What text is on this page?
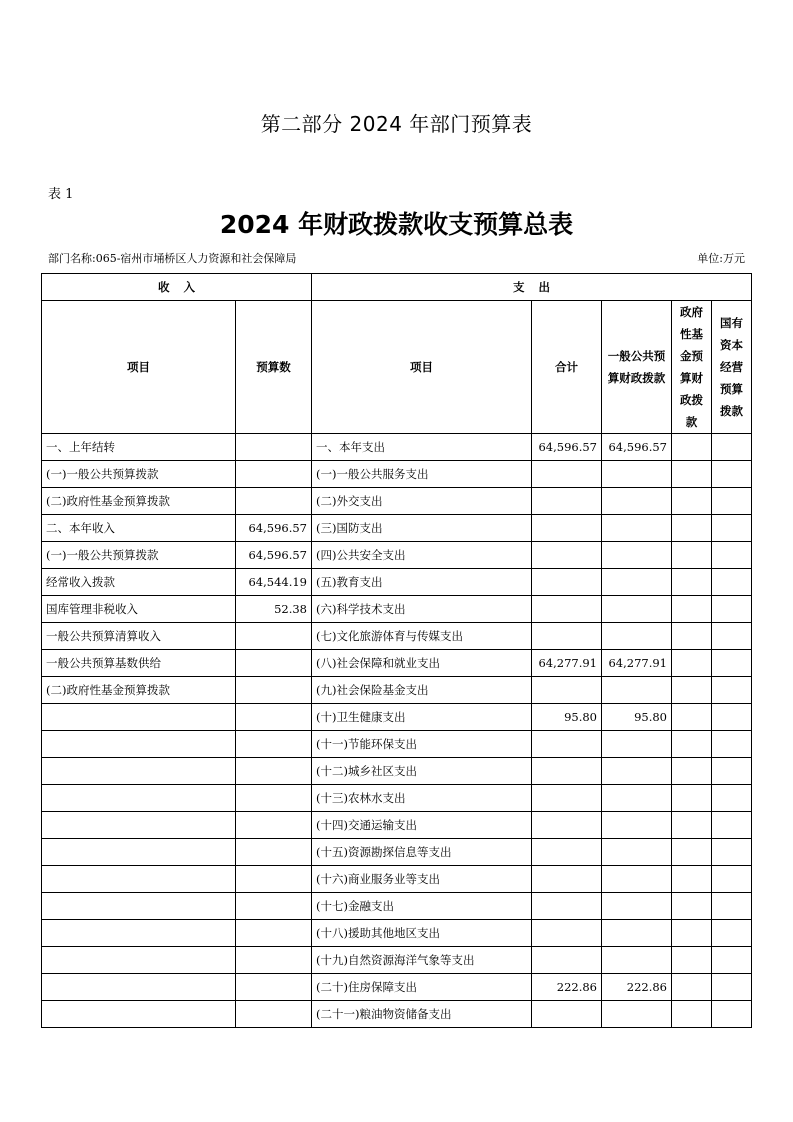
第二部分 2024 年部门预算表
表 1
2024 年财政拨款收支预算总表
部门名称:065-宿州市埇桥区人力资源和社会保障局	单位:万元
收入		支出				
项目	预算数	项目	合计	一般公共预算财政拨款	政府性基金预算财政拨款	国有资本经营预算拨款
一、上年结转		一、本年支出	64,596.57	64,596.57		
(一)一般公共预算拨款		(一)一般公共服务支出				
(二)政府性基金预算拨款		(二)外交支出				
二、本年收入	64,596.57	(三)国防支出				
(一)一般公共预算拨款	64,596.57	(四)公共安全支出				
经常收入拨款	64,544.19	(五)教育支出				
国库管理非税收入	52.38	(六)科学技术支出				
一般公共预算清算收入		(七)文化旅游体育与传媒支出				
一般公共预算基数供给		(八)社会保障和就业支出	64,277.91	64,277.91		
(二)政府性基金预算拨款		(九)社会保险基金支出				
		(十)卫生健康支出	95.80	95.80		
		(十一)节能环保支出				
		(十二)城乡社区支出				
		(十三)农林水支出				
		(十四)交通运输支出				
		(十五)资源勘探信息等支出				
		(十六)商业服务业等支出				
		(十七)金融支出				
		(十八)援助其他地区支出				
		(十九)自然资源海洋气象等支出				
		(二十)住房保障支出	222.86	222.86		
		(二十一)粮油物资储备支出				
